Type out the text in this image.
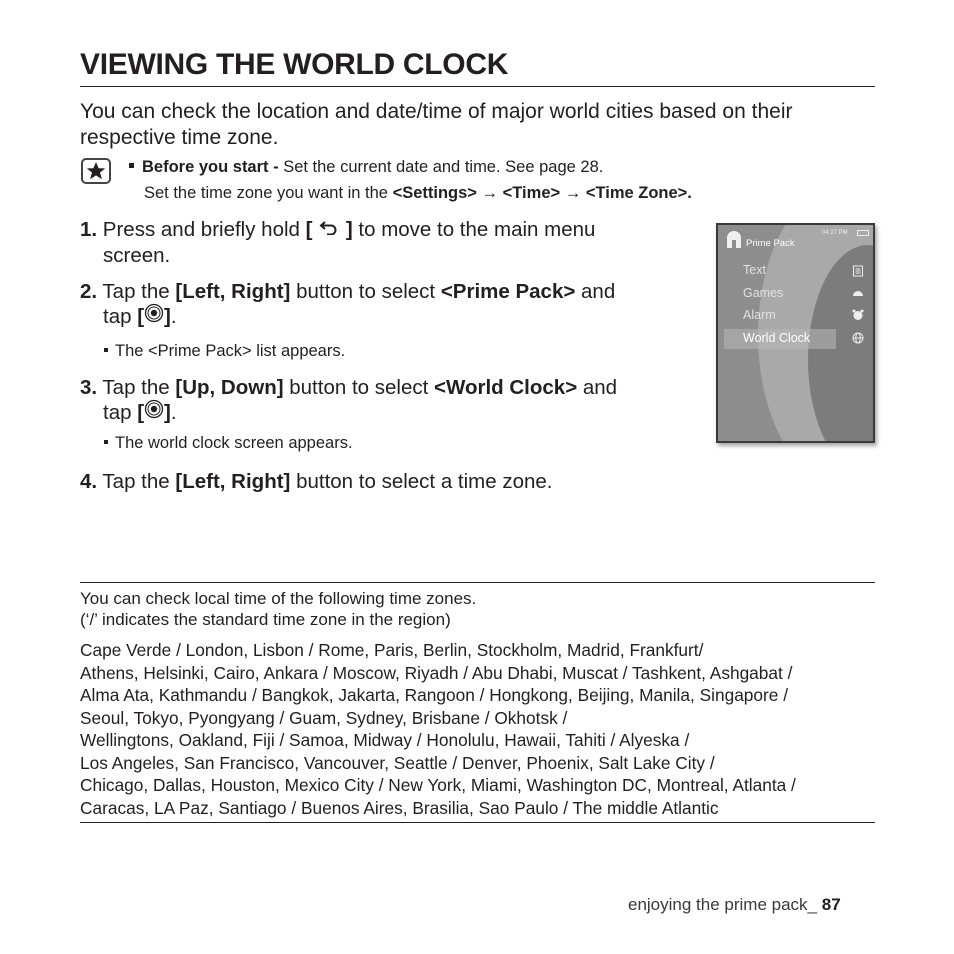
VIEWING THE WORLD CLOCK
You can check the location and date/time of major world cities based on their respective time zone.
Before you start - Set the current date and time. See page 28.
Set the time zone you want in the <Settings> → <Time> → <Time Zone>.
1. Press and briefly hold [ ] to move to the main menu
screen.
2. Tap the [Left, Right] button to select <Prime Pack> and
tap [ ].
The <Prime Pack> list appears.
3. Tap the [Up, Down] button to select <World Clock> and
tap [ ].
The world clock screen appears.
4. Tap the [Left, Right] button to select a time zone.
Prime Pack
04:27 PM
Text
Games
Alarm
World Clock
You can check local time of the following time zones.
(‘/’ indicates the standard time zone in the region)
Cape Verde / London, Lisbon / Rome, Paris, Berlin, Stockholm, Madrid, Frankfurt/
Athens, Helsinki, Cairo, Ankara / Moscow, Riyadh / Abu Dhabi, Muscat / Tashkent, Ashgabat /
Alma Ata, Kathmandu / Bangkok, Jakarta, Rangoon / Hongkong, Beijing, Manila, Singapore /
Seoul, Tokyo, Pyongyang / Guam, Sydney, Brisbane / Okhotsk /
Wellingtons, Oakland, Fiji / Samoa, Midway / Honolulu, Hawaii, Tahiti / Alyeska /
Los Angeles, San Francisco, Vancouver, Seattle / Denver, Phoenix, Salt Lake City /
Chicago, Dallas, Houston, Mexico City / New York, Miami, Washington DC, Montreal, Atlanta /
Caracas, LA Paz, Santiago / Buenos Aires, Brasilia, Sao Paulo / The middle Atlantic
enjoying the prime pack_ 87
